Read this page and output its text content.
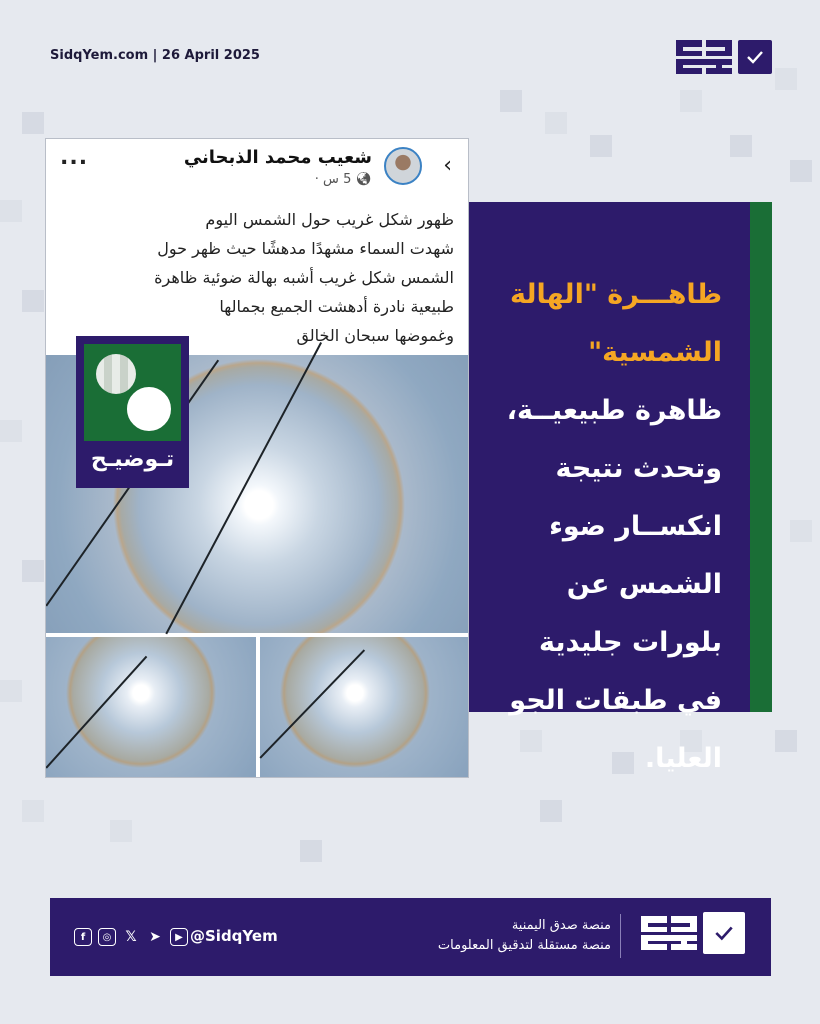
SidqYem.com | 26 April 2025
...	شعيب محمد الذبحاني
🌏︎ 5 س ·
‹
ظهور شكل غريب حول الشمس اليوم
شهدت السماء مشهدًا مدهشًا حيث ظهر حول
الشمس شكل غريب أشبه بهالة ضوئية ظاهرة
طبيعية نادرة أدهشت الجميع بجمالها
وغموضها سبحان الخالق
تـوضيـح
ظاهـــرة "الهالة الشمسية" ظاهرة طبيعيــة، وتحدث نتيجة انكســار ضوء الشمس عن بلورات جليدية في طبقات الجو العليا.
f	◎	𝕏 ➤	▶ @SidqYem
منصة صدق اليمنية
منصة مستقلة لتدقيق المعلومات
